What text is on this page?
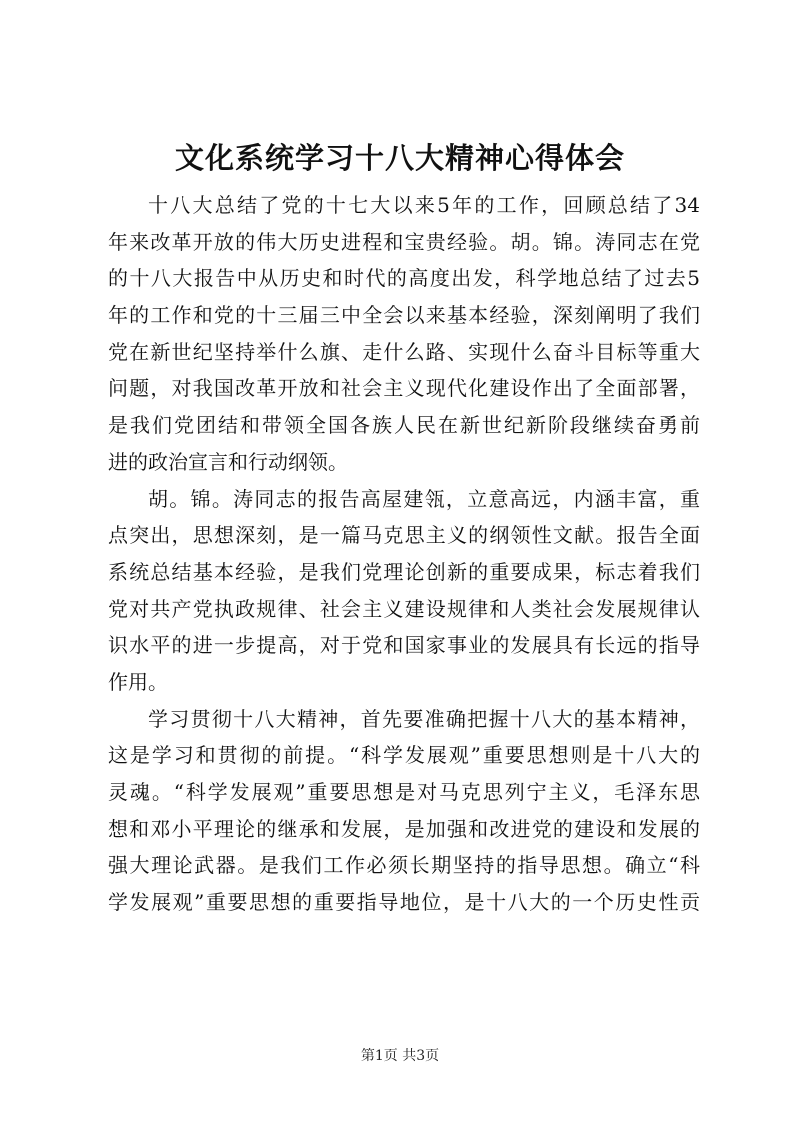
文化系统学习十八大精神心得体会

十八大总结了党的十七大以来5年的工作，回顾总结了34
年来改革开放的伟大历史进程和宝贵经验。胡。锦。涛同志在党
的十八大报告中从历史和时代的高度出发，科学地总结了过去5
年的工作和党的十三届三中全会以来基本经验，深刻阐明了我们
党在新世纪坚持举什么旗、走什么路、实现什么奋斗目标等重大
问题，对我国改革开放和社会主义现代化建设作出了全面部署，
是我们党团结和带领全国各族人民在新世纪新阶段继续奋勇前
进的政治宣言和行动纲领。

胡。锦。涛同志的报告高屋建瓴，立意高远，内涵丰富，重
点突出，思想深刻，是一篇马克思主义的纲领性文献。报告全面
系统总结基本经验，是我们党理论创新的重要成果，标志着我们
党对共产党执政规律、社会主义建设规律和人类社会发展规律认
识水平的进一步提高，对于党和国家事业的发展具有长远的指导
作用。

学习贯彻十八大精神，首先要准确把握十八大的基本精神，
这是学习和贯彻的前提。“科学发展观”重要思想则是十八大的
灵魂。“科学发展观”重要思想是对马克思列宁主义，毛泽东思
想和邓小平理论的继承和发展，是加强和改进党的建设和发展的
强大理论武器。是我们工作必须长期坚持的指导思想。确立“科
学发展观”重要思想的重要指导地位，是十八大的一个历史性贡

第1页 共3页
